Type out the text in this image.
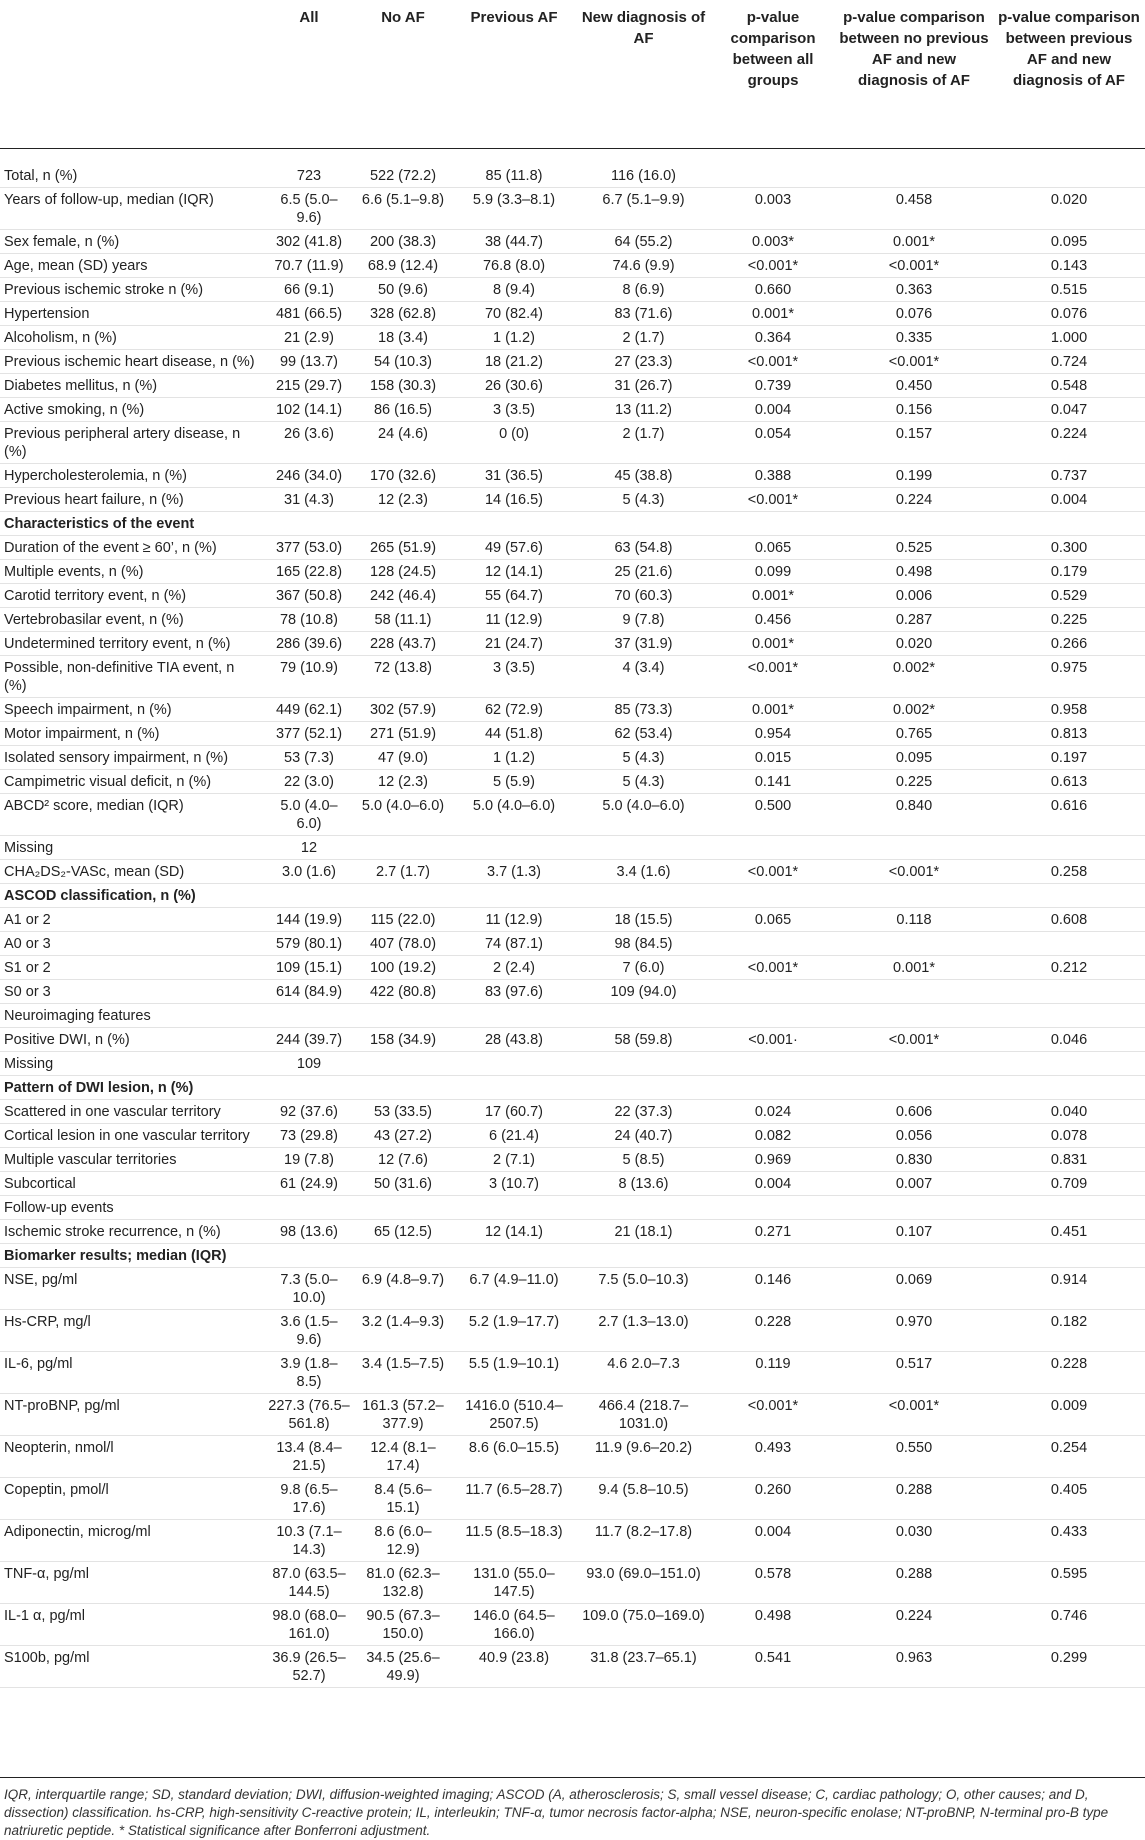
	All	No AF	Previous AF	New diagnosis of AF	p-value comparison between all groups	p-value comparison between no previous AF and new diagnosis of AF	p-value comparison between previous AF and new diagnosis of AF
Total, n (%)	723	522 (72.2)	85 (11.8)	116 (16.0)			
Years of follow-up, median (IQR)	6.5 (5.0–9.6)	6.6 (5.1–9.8)	5.9 (3.3–8.1)	6.7 (5.1–9.9)	0.003	0.458	0.020
Sex female, n (%)	302 (41.8)	200 (38.3)	38 (44.7)	64 (55.2)	0.003*	0.001*	0.095
Age, mean (SD) years	70.7 (11.9)	68.9 (12.4)	76.8 (8.0)	74.6 (9.9)	<0.001*	<0.001*	0.143
Previous ischemic stroke n (%)	66 (9.1)	50 (9.6)	8 (9.4)	8 (6.9)	0.660	0.363	0.515
Hypertension	481 (66.5)	328 (62.8)	70 (82.4)	83 (71.6)	0.001*	0.076	0.076
Alcoholism, n (%)	21 (2.9)	18 (3.4)	1 (1.2)	2 (1.7)	0.364	0.335	1.000
Previous ischemic heart disease, n (%)	99 (13.7)	54 (10.3)	18 (21.2)	27 (23.3)	<0.001*	<0.001*	0.724
Diabetes mellitus, n (%)	215 (29.7)	158 (30.3)	26 (30.6)	31 (26.7)	0.739	0.450	0.548
Active smoking, n (%)	102 (14.1)	86 (16.5)	3 (3.5)	13 (11.2)	0.004	0.156	0.047
Previous peripheral artery disease, n (%)	26 (3.6)	24 (4.6)	0 (0)	2 (1.7)	0.054	0.157	0.224
Hypercholesterolemia, n (%)	246 (34.0)	170 (32.6)	31 (36.5)	45 (38.8)	0.388	0.199	0.737
Previous heart failure, n (%)	31 (4.3)	12 (2.3)	14 (16.5)	5 (4.3)	<0.001*	0.224	0.004
Characteristics of the event							
Duration of the event ≥ 60’, n (%)	377 (53.0)	265 (51.9)	49 (57.6)	63 (54.8)	0.065	0.525	0.300
Multiple events, n (%)	165 (22.8)	128 (24.5)	12 (14.1)	25 (21.6)	0.099	0.498	0.179
Carotid territory event, n (%)	367 (50.8)	242 (46.4)	55 (64.7)	70 (60.3)	0.001*	0.006	0.529
Vertebrobasilar event, n (%)	78 (10.8)	58 (11.1)	11 (12.9)	9 (7.8)	0.456	0.287	0.225
Undetermined territory event, n (%)	286 (39.6)	228 (43.7)	21 (24.7)	37 (31.9)	0.001*	0.020	0.266
Possible, non-definitive TIA event, n (%)	79 (10.9)	72 (13.8)	3 (3.5)	4 (3.4)	<0.001*	0.002*	0.975
Speech impairment, n (%)	449 (62.1)	302 (57.9)	62 (72.9)	85 (73.3)	0.001*	0.002*	0.958
Motor impairment, n (%)	377 (52.1)	271 (51.9)	44 (51.8)	62 (53.4)	0.954	0.765	0.813
Isolated sensory impairment, n (%)	53 (7.3)	47 (9.0)	1 (1.2)	5 (4.3)	0.015	0.095	0.197
Campimetric visual deficit, n (%)	22 (3.0)	12 (2.3)	5 (5.9)	5 (4.3)	0.141	0.225	0.613
ABCD² score, median (IQR)	5.0 (4.0–6.0)	5.0 (4.0–6.0)	5.0 (4.0–6.0)	5.0 (4.0–6.0)	0.500	0.840	0.616
Missing	12						
CHA₂DS₂-VASc, mean (SD)	3.0 (1.6)	2.7 (1.7)	3.7 (1.3)	3.4 (1.6)	<0.001*	<0.001*	0.258
ASCOD classification, n (%)							
A1 or 2	144 (19.9)	115 (22.0)	11 (12.9)	18 (15.5)	0.065	0.118	0.608
A0 or 3	579 (80.1)	407 (78.0)	74 (87.1)	98 (84.5)			
S1 or 2	109 (15.1)	100 (19.2)	2 (2.4)	7 (6.0)	<0.001*	0.001*	0.212
S0 or 3	614 (84.9)	422 (80.8)	83 (97.6)	109 (94.0)			
Neuroimaging features							
Positive DWI, n (%)	244 (39.7)	158 (34.9)	28 (43.8)	58 (59.8)	<0.001·	<0.001*	0.046
Missing	109						
Pattern of DWI lesion, n (%)							
Scattered in one vascular territory	92 (37.6)	53 (33.5)	17 (60.7)	22 (37.3)	0.024	0.606	0.040
Cortical lesion in one vascular territory	73 (29.8)	43 (27.2)	6 (21.4)	24 (40.7)	0.082	0.056	0.078
Multiple vascular territories	19 (7.8)	12 (7.6)	2 (7.1)	5 (8.5)	0.969	0.830	0.831
Subcortical	61 (24.9)	50 (31.6)	3 (10.7)	8 (13.6)	0.004	0.007	0.709
Follow-up events							
Ischemic stroke recurrence, n (%)	98 (13.6)	65 (12.5)	12 (14.1)	21 (18.1)	0.271	0.107	0.451
Biomarker results; median (IQR)							
NSE, pg/ml	7.3 (5.0–10.0)	6.9 (4.8–9.7)	6.7 (4.9–11.0)	7.5 (5.0–10.3)	0.146	0.069	0.914
Hs-CRP, mg/l	3.6 (1.5–9.6)	3.2 (1.4–9.3)	5.2 (1.9–17.7)	2.7 (1.3–13.0)	0.228	0.970	0.182
IL-6, pg/ml	3.9 (1.8–8.5)	3.4 (1.5–7.5)	5.5 (1.9–10.1)	4.6 2.0–7.3	0.119	0.517	0.228
NT-proBNP, pg/ml	227.3 (76.5–561.8)	161.3 (57.2–377.9)	1416.0 (510.4–2507.5)	466.4 (218.7–1031.0)	<0.001*	<0.001*	0.009
Neopterin, nmol/l	13.4 (8.4–21.5)	12.4 (8.1–17.4)	8.6 (6.0–15.5)	11.9 (9.6–20.2)	0.493	0.550	0.254
Copeptin, pmol/l	9.8 (6.5–17.6)	8.4 (5.6–15.1)	11.7 (6.5–28.7)	9.4 (5.8–10.5)	0.260	0.288	0.405
Adiponectin, microg/ml	10.3 (7.1–14.3)	8.6 (6.0–12.9)	11.5 (8.5–18.3)	11.7 (8.2–17.8)	0.004	0.030	0.433
TNF-α, pg/ml	87.0 (63.5–144.5)	81.0 (62.3–132.8)	131.0 (55.0–147.5)	93.0 (69.0–151.0)	0.578	0.288	0.595
IL-1 α, pg/ml	98.0 (68.0–161.0)	90.5 (67.3–150.0)	146.0 (64.5–166.0)	109.0 (75.0–169.0)	0.498	0.224	0.746
S100b, pg/ml	36.9 (26.5–52.7)	34.5 (25.6–49.9)	40.9 (23.8)	31.8 (23.7–65.1)	0.541	0.963	0.299
IQR, interquartile range; SD, standard deviation; DWI, diffusion-weighted imaging; ASCOD (A, atherosclerosis; S, small vessel disease; C, cardiac pathology; O, other causes; and D, dissection) classification. hs-CRP, high-sensitivity C-reactive protein; IL, interleukin; TNF-α, tumor necrosis factor-alpha; NSE, neuron-specific enolase; NT-proBNP, N-terminal pro-B type natriuretic peptide. * Statistical significance after Bonferroni adjustment.
